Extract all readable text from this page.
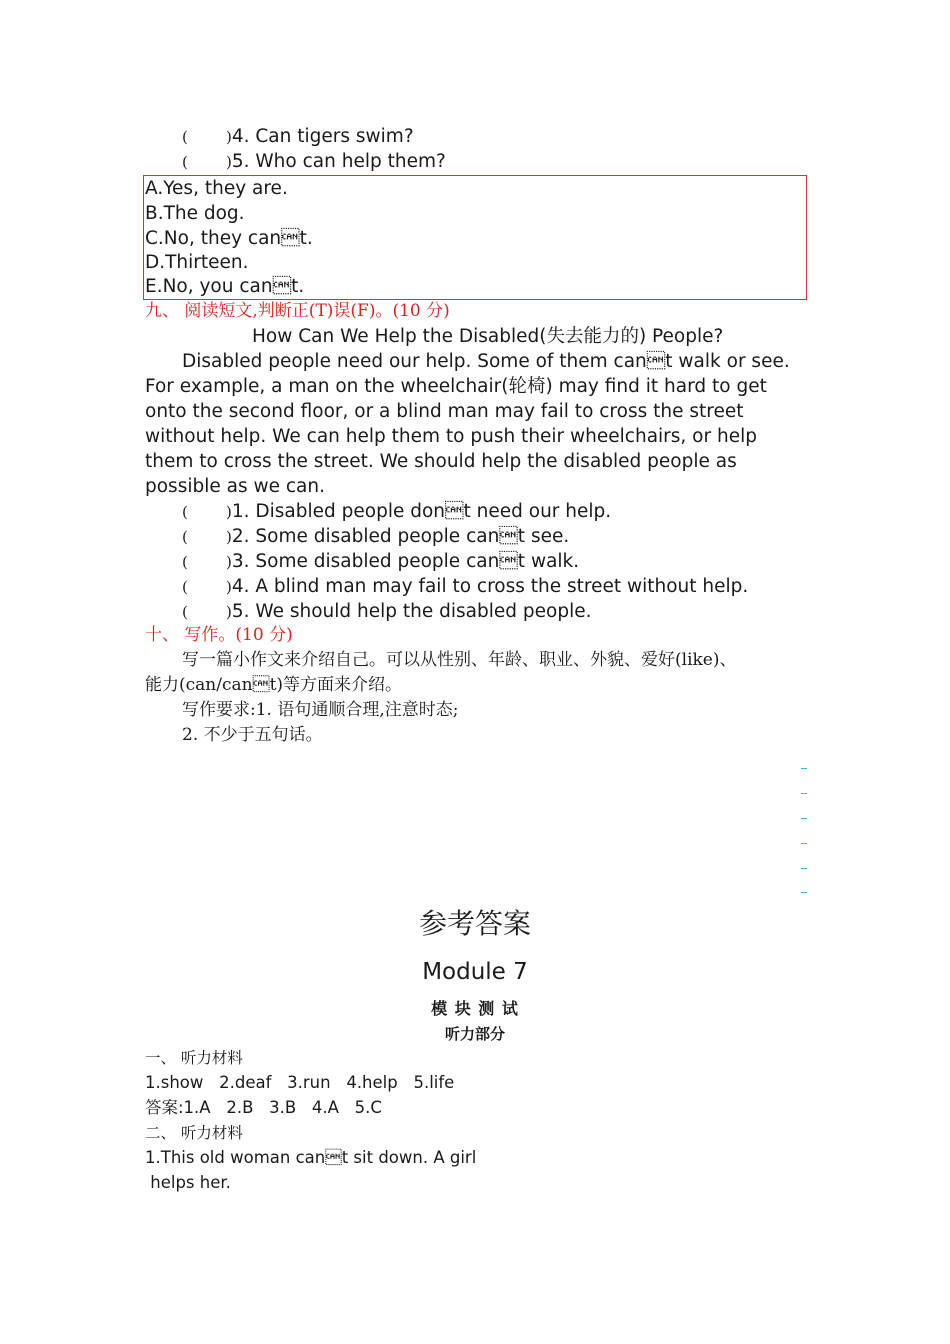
(	)4. Can tigers swim?
(	)5. Who can help them?
A.Yes, they are.
B.The dog.
C.No, they cant.
D.Thirteen.
E.No, you cant.
九、 阅读短文,判断正(T)误(F)。(10 分)
How Can We Help the Disabled(失去能力的) People?
Disabled people need our help. Some of them cant walk or see.
For example, a man on the wheelchair(轮椅) may find it hard to get
onto the second floor, or a blind man may fail to cross the street
without help. We can help them to push their wheelchairs, or help
them to cross the street. We should help the disabled people as
possible as we can.
(	)1. Disabled people dont need our help.
(	)2. Some disabled people cant see.
(	)3. Some disabled people cant walk.
(	)4. A blind man may fail to cross the street without help.
(	)5. We should help the disabled people.
十、 写作。(10 分)
写一篇小作文来介绍自己。可以从性别、年龄、职业、外貌、爱好(like)、
能力(can/cant)等方面来介绍。
写作要求:1. 语句通顺合理,注意时态;
2. 不少于五句话。
参考答案
Module 7
模 块 测 试
听力部分
一、 听力材料
1.show   2.deaf   3.run   4.help   5.life
答案:1.A   2.B   3.B   4.A   5.C
二、 听力材料
1.This old woman cant sit down. A girl
helps her.
